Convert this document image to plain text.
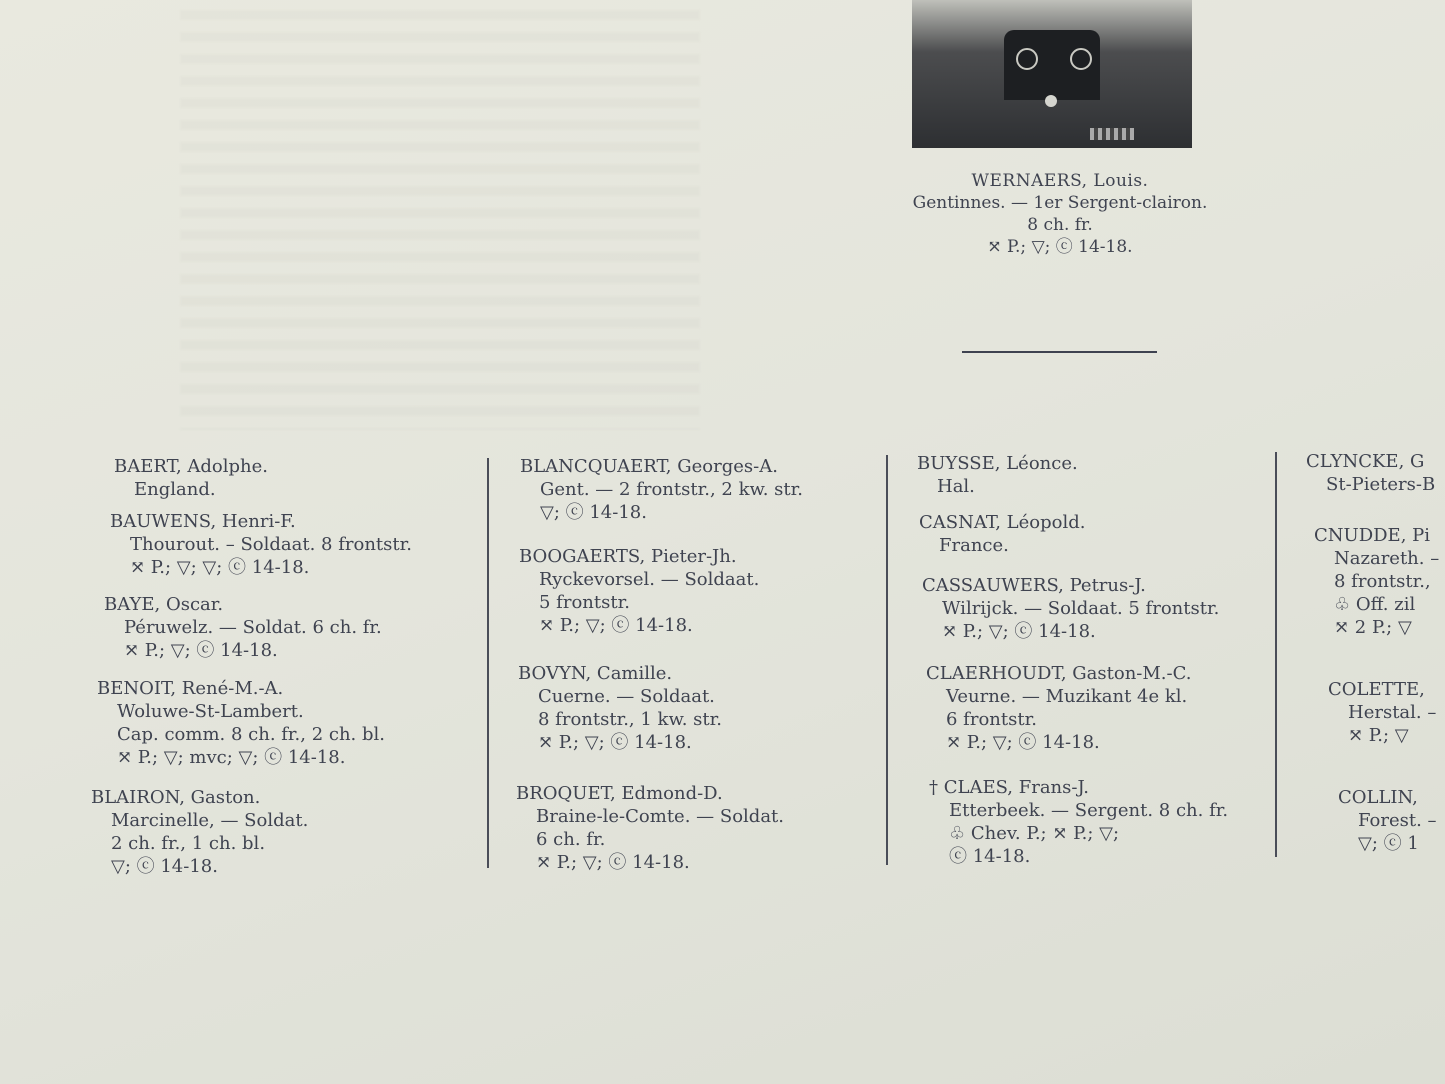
WERNAERS, Louis.
Gentinnes. — 1er Sergent-clairon.
8 ch. fr.
⤧ P.; ▽; ⓒ 14-18.
BAERT, Adolphe.
England.
BAUWENS, Henri-F.
Thourout. – Soldaat. 8 frontstr.
⤧ P.; ▽; ▽; ⓒ 14-18.
BAYE, Oscar.
Péruwelz. — Soldat. 6 ch. fr.
⤧ P.; ▽; ⓒ 14-18.
BENOIT, René-M.-A.
Woluwe-St-Lambert.
Cap. comm. 8 ch. fr., 2 ch. bl.
⤧ P.; ▽; mvc; ▽; ⓒ 14-18.
BLAIRON, Gaston.
Marcinelle, — Soldat.
2 ch. fr., 1 ch. bl.
▽; ⓒ 14-18.
BLANCQUAERT, Georges-A.
Gent. — 2 frontstr., 2 kw. str.
▽; ⓒ 14-18.
BOOGAERTS, Pieter-Jh.
Ryckevorsel. — Soldaat.
5 frontstr.
⤧ P.; ▽; ⓒ 14-18.
BOVYN, Camille.
Cuerne. — Soldaat.
8 frontstr., 1 kw. str.
⤧ P.; ▽; ⓒ 14-18.
BROQUET, Edmond-D.
Braine-le-Comte. — Soldat.
6 ch. fr.
⤧ P.; ▽; ⓒ 14-18.
BUYSSE, Léonce.
Hal.
CASNAT, Léopold.
France.
CASSAUWERS, Petrus-J.
Wilrijck. — Soldaat. 5 frontstr.
⤧ P.; ▽; ⓒ 14-18.
CLAERHOUDT, Gaston-M.-C.
Veurne. — Muzikant 4e kl.
6 frontstr.
⤧ P.; ▽; ⓒ 14-18.
† CLAES, Frans-J.
Etterbeek. — Sergent. 8 ch. fr.
♧ Chev. P.; ⤧ P.; ▽;
ⓒ 14-18.
CLYNCKE, G
St-Pieters-B
CNUDDE, Pi
Nazareth. –
8 frontstr.,
♧ Off. zil
⤧ 2 P.; ▽
COLETTE,
Herstal. –
⤧ P.; ▽
COLLIN,
Forest. –
▽; ⓒ 1
